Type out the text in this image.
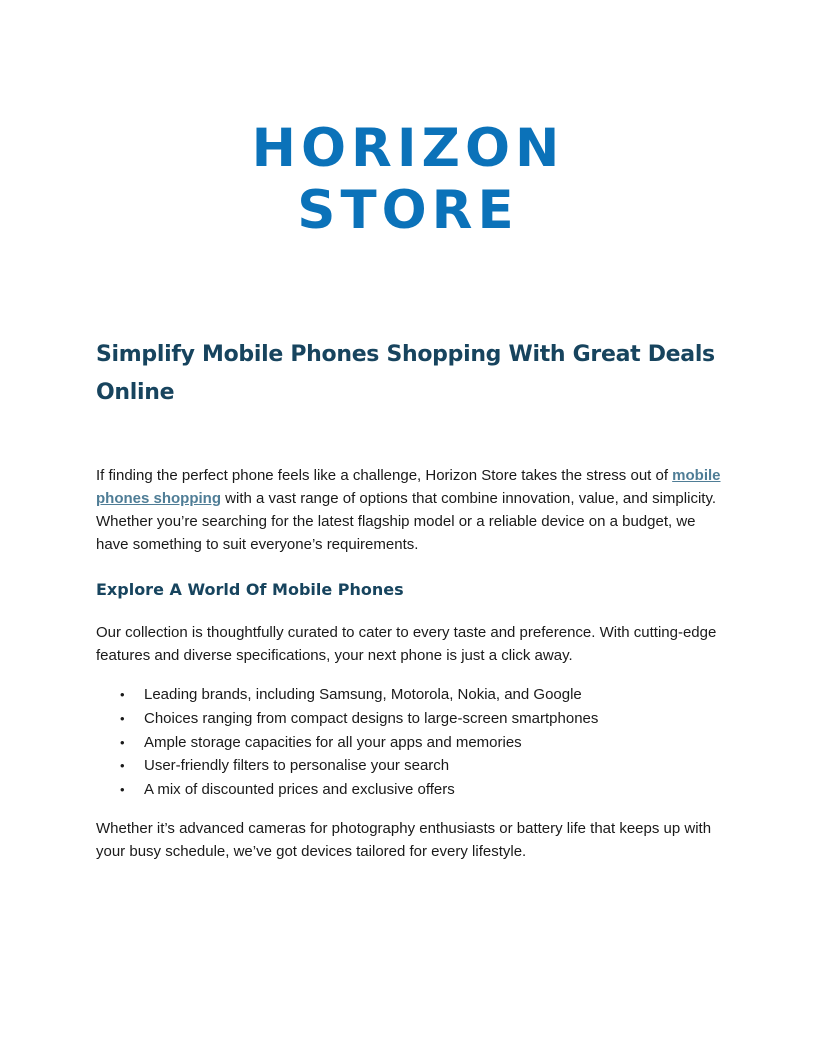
HORIZON
STORE
Simplify Mobile Phones Shopping With Great Deals Online

If finding the perfect phone feels like a challenge, Horizon Store takes the stress out of mobile phones shopping with a vast range of options that combine innovation, value, and simplicity. Whether you’re searching for the latest flagship model or a reliable device on a budget, we have something to suit everyone’s requirements.

Explore A World Of Mobile Phones

Our collection is thoughtfully curated to cater to every taste and preference. With cutting-edge features and diverse specifications, your next phone is just a click away.

• Leading brands, including Samsung, Motorola, Nokia, and Google
• Choices ranging from compact designs to large-screen smartphones
• Ample storage capacities for all your apps and memories
• User-friendly filters to personalise your search
• A mix of discounted prices and exclusive offers

Whether it’s advanced cameras for photography enthusiasts or battery life that keeps up with your busy schedule, we’ve got devices tailored for every lifestyle.
